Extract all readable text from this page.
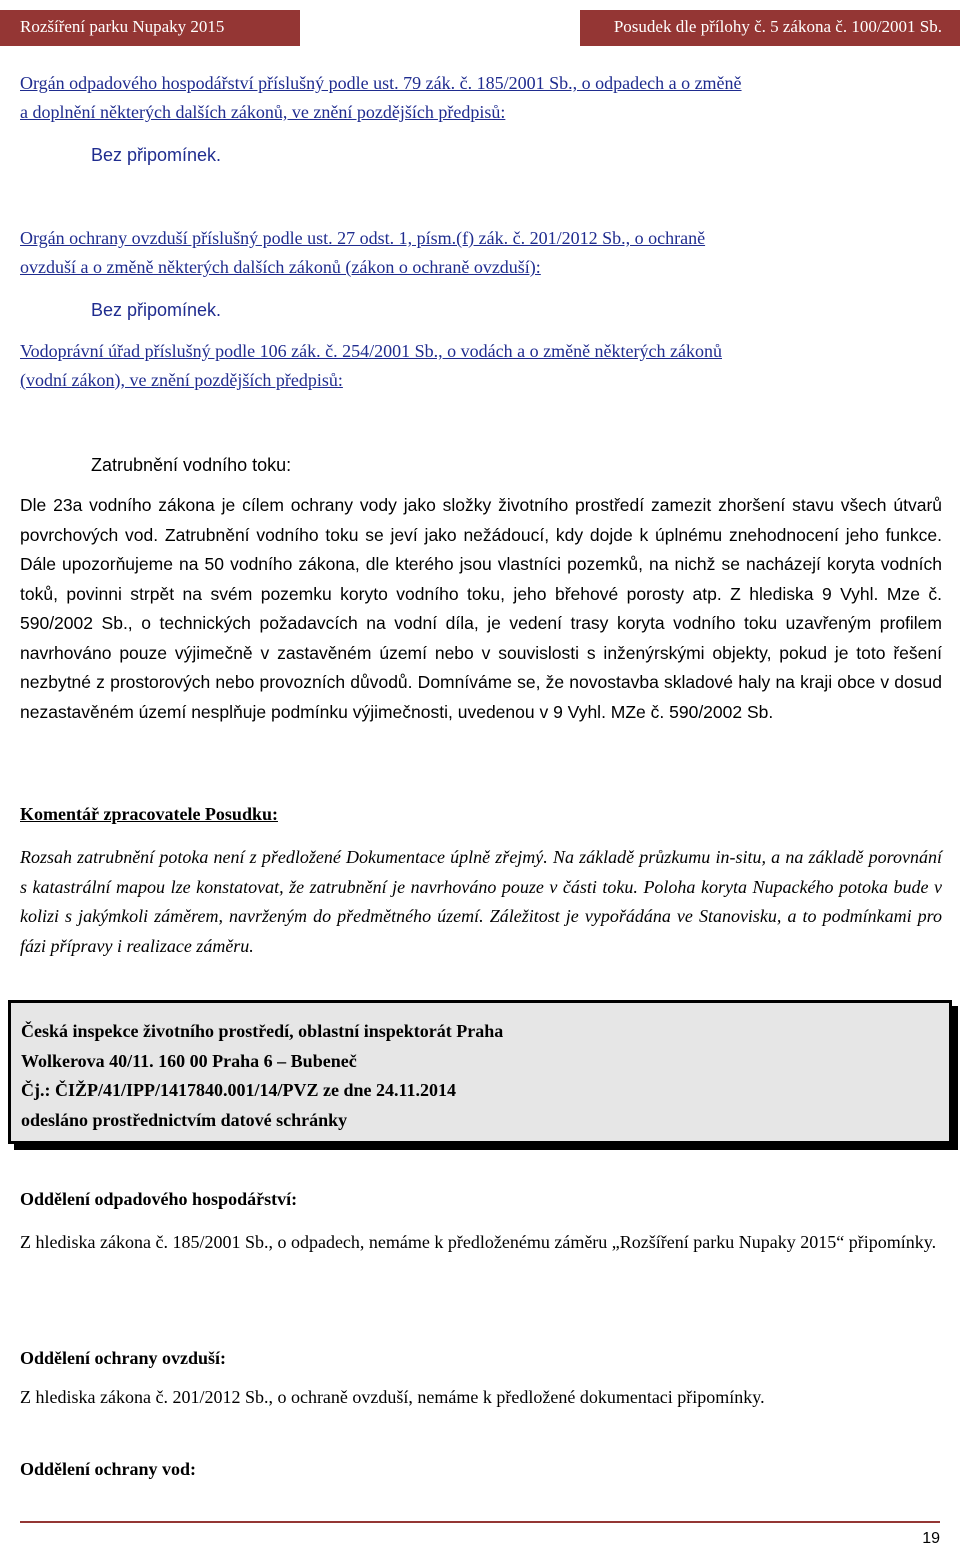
Rozšíření parku Nupaky 2015	Posudek dle přílohy č. 5 zákona č. 100/2001 Sb.
Orgán odpadového hospodářství příslušný podle ust. 79 zák. č. 185/2001 Sb., o odpadech a o změně
a doplnění některých dalších zákonů, ve znění pozdějších předpisů:
Bez připomínek.
Orgán ochrany ovzduší příslušný podle ust. 27 odst. 1, písm.(f) zák. č. 201/2012 Sb., o ochraně
ovzduší a o změně některých dalších zákonů (zákon o ochraně ovzduší):
Bez připomínek.
Vodoprávní úřad příslušný podle 106 zák. č. 254/2001 Sb., o vodách a o změně některých zákonů
(vodní zákon), ve znění pozdějších předpisů:
Zatrubnění vodního toku:
Dle 23a vodního zákona je cílem ochrany vody jako složky životního prostředí zamezit zhoršení stavu všech útvarů povrchových vod. Zatrubnění vodního toku se jeví jako nežádoucí, kdy dojde k úplnému znehodnocení jeho funkce. Dále upozorňujeme na 50 vodního zákona, dle kterého jsou vlastníci pozemků, na nichž se nacházejí koryta vodních toků, povinni strpět na svém pozemku koryto vodního toku, jeho břehové porosty atp. Z hlediska 9 Vyhl. Mze č. 590/2002 Sb., o technických požadavcích na vodní díla, je vedení trasy koryta vodního toku uzavřeným profilem navrhováno pouze výjimečně v zastavěném území nebo v souvislosti s inženýrskými objekty, pokud je toto řešení nezbytné z prostorových nebo provozních důvodů. Domníváme se, že novostavba skladové haly na kraji obce v dosud nezastavěném území nesplňuje podmínku výjimečnosti, uvedenou v 9 Vyhl. MZe č. 590/2002 Sb.
Komentář zpracovatele Posudku:
Rozsah zatrubnění potoka není z předložené Dokumentace úplně zřejmý. Na základě průzkumu in-situ, a na základě porovnání s katastrální mapou lze konstatovat, že zatrubnění je navrhováno pouze v části toku. Poloha koryta Nupackého potoka bude v kolizi s jakýmkoli záměrem, navrženým do předmětného území. Záležitost je vypořádána ve Stanovisku, a to podmínkami pro fázi přípravy i realizace záměru.
Česká inspekce životního prostředí, oblastní inspektorát Praha
Wolkerova 40/11. 160 00 Praha 6 – Bubeneč
Čj.: ČIŽP/41/IPP/1417840.001/14/PVZ ze dne 24.11.2014
odesláno prostřednictvím datové schránky
Oddělení odpadového hospodářství:
Z hlediska zákona č. 185/2001 Sb., o odpadech, nemáme k předloženému záměru „Rozšíření parku Nupaky 2015“ připomínky.
Oddělení ochrany ovzduší:
Z hlediska zákona č. 201/2012 Sb., o ochraně ovzduší, nemáme k předložené dokumentaci připomínky.
Oddělení ochrany vod:
19
